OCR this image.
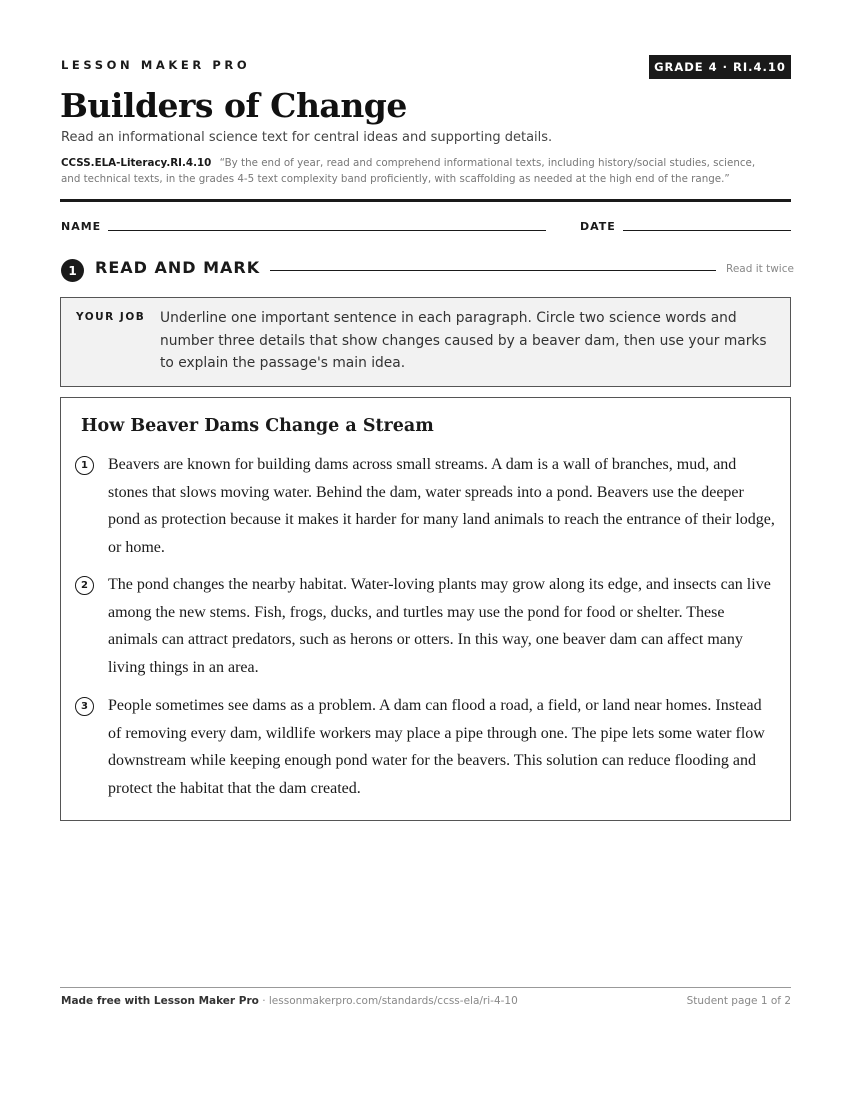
LESSON MAKER PRO	GRADE 4 · RI.4.10
Builders of Change
Read an informational science text for central ideas and supporting details.
CCSS.ELA-Literacy.RI.4.10 “By the end of year, read and comprehend informational texts, including history/social studies, science, and technical texts, in the grades 4-5 text complexity band proficiently, with scaffolding as needed at the high end of the range.”
NAME	DATE
1	READ AND MARK	Read it twice
YOUR JOB Underline one important sentence in each paragraph. Circle two science words and number three details that show changes caused by a beaver dam, then use your marks to explain the passage's main idea.
How Beaver Dams Change a Stream
1	Beavers are known for building dams across small streams. A dam is a wall of branches, mud, and stones that slows moving water. Behind the dam, water spreads into a pond. Beavers use the deeper pond as protection because it makes it harder for many land animals to reach the entrance of their lodge, or home.
2	The pond changes the nearby habitat. Water-loving plants may grow along its edge, and insects can live among the new stems. Fish, frogs, ducks, and turtles may use the pond for food or shelter. These animals can attract predators, such as herons or otters. In this way, one beaver dam can affect many living things in an area.
3	People sometimes see dams as a problem. A dam can flood a road, a field, or land near homes. Instead of removing every dam, wildlife workers may place a pipe through one. The pipe lets some water flow downstream while keeping enough pond water for the beavers. This solution can reduce flooding and protect the habitat that the dam created.
Made free with Lesson Maker Pro · lessonmakerpro.com/standards/ccss-ela/ri-4-10	Student page 1 of 2
